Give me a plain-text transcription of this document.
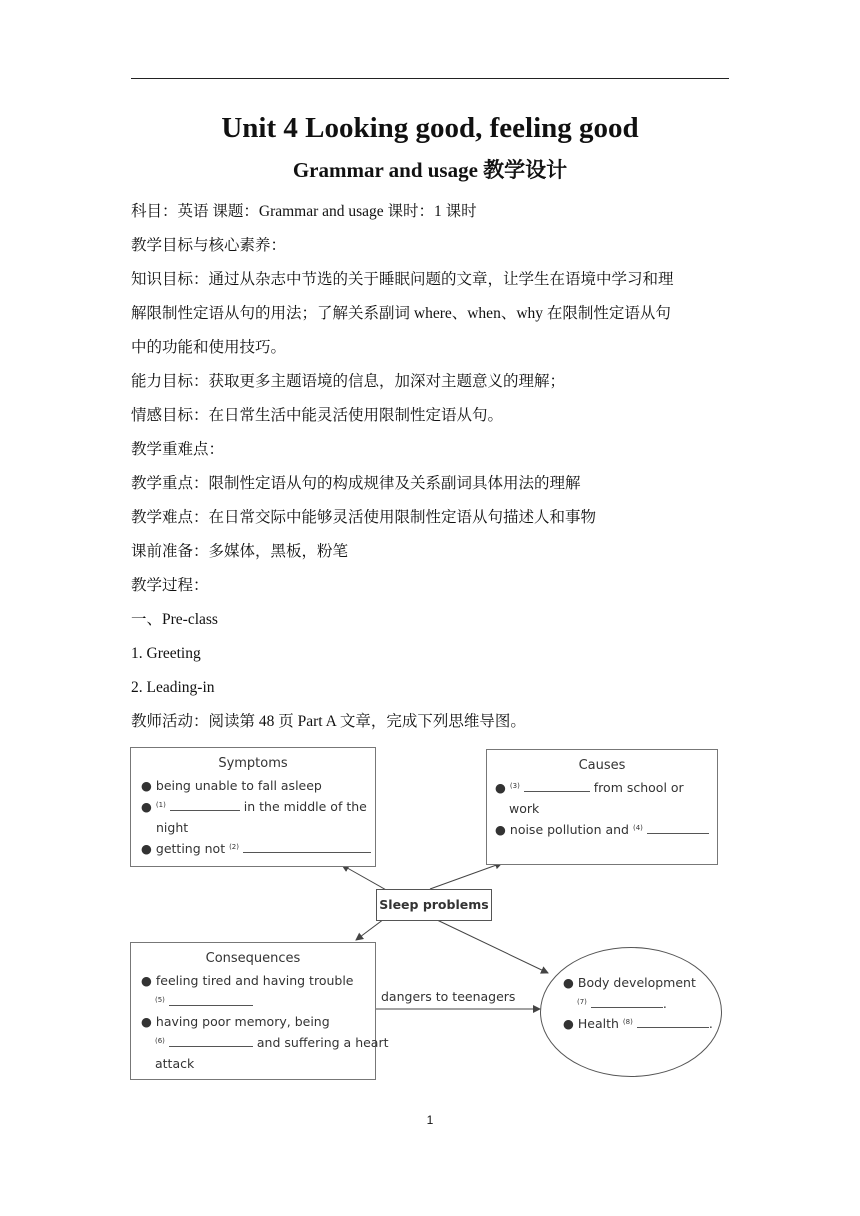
Unit 4 Looking good, feeling good
Grammar and usage 教学设计
科目：英语 课题：Grammar and usage 课时：1 课时
教学目标与核心素养：
知识目标：通过从杂志中节选的关于睡眠问题的文章，让学生在语境中学习和理
解限制性定语从句的用法；了解关系副词 where、when、why 在限制性定语从句
中的功能和使用技巧。
能力目标：获取更多主题语境的信息，加深对主题意义的理解；
情感目标：在日常生活中能灵活使用限制性定语从句。
教学重难点：
教学重点：限制性定语从句的构成规律及关系副词具体用法的理解
教学难点：在日常交际中能够灵活使用限制性定语从句描述人和事物
课前准备：多媒体，黑板，粉笔
教学过程：
一、Pre-class
1. Greeting
2. Leading-in
教师活动：阅读第 48 页 Part A 文章，完成下列思维导图。
Symptoms
● being unable to fall asleep
● $^{(1)}$	in the middle of the
night
● getting not $^{(2)}$
Causes
● $^{(3)}$	from school or
work
● noise pollution and $^{(4)}$
Sleep problems
Consequences
● feeling tired and having trouble
$^{(5)}$
● having poor memory, being
$^{(6)}$	and suffering a heart
attack
dangers to teenagers
● Body development
$^{(7)}$	.
● Health $^{(8)}$	.
1
